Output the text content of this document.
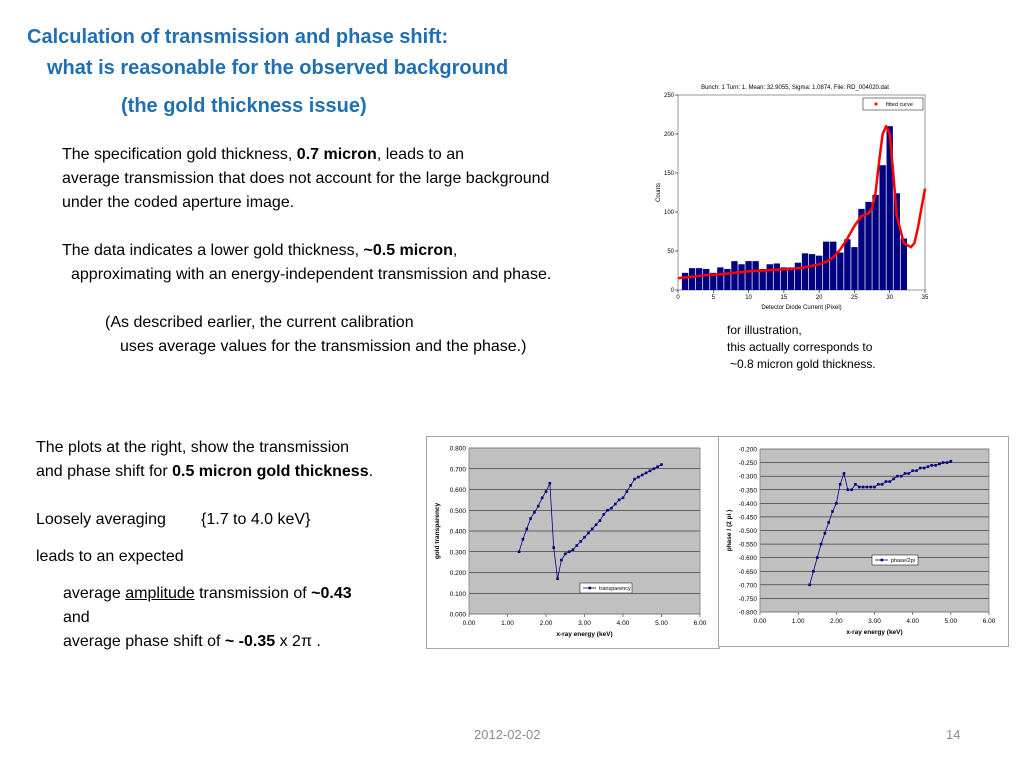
Calculation of transmission and phase shift:
what is reasonable for the observed background
(the gold thickness issue)
The specification gold thickness, 0.7 micron, leads to an
average transmission that does not account for the large background
under the coded aperture image.
The data indicates a lower gold thickness, ~0.5 micron,
approximating with an energy-independent transmission and phase.
(As described earlier, the current calibration
uses average values for the transmission and the phase.)
Bunch: 1 Turn: 1, Mean: 32.9055, Sigma: 1.0874, File: RD_004020.dat
0
50
100
150
200
250
0	5	10	15	20	25	30	35
Detector Diode Current (Pixel)
Counts
fitted curve
for illustration,
this actually corresponds to
~0.8 micron gold thickness.
The plots at the right, show the transmission
and phase shift for 0.5 micron gold thickness.
Loosely averaging {1.7 to 4.0 keV}
leads to an expected
average amplitude transmission of ~0.43
and
average phase shift of ~ -0.35 x 2π .
0.000
0.100
0.200
0.300
0.400
0.500
0.600
0.700
0.800
0.00	1.00	2.00	3.00	4.00	5.00	6.00
x-ray energy (keV)
gold transparency
transparency
-0.200
-0.250
-0.300
-0.350
-0.400
-0.450
-0.500
-0.550
-0.600
-0.650
-0.700
-0.750
-0.800
0.00	1.00	2.00	3.00	4.00	5.00	6.00
x-ray energy (keV)
phase / (2 pi )
phase/2pi
2012-02-02	14
